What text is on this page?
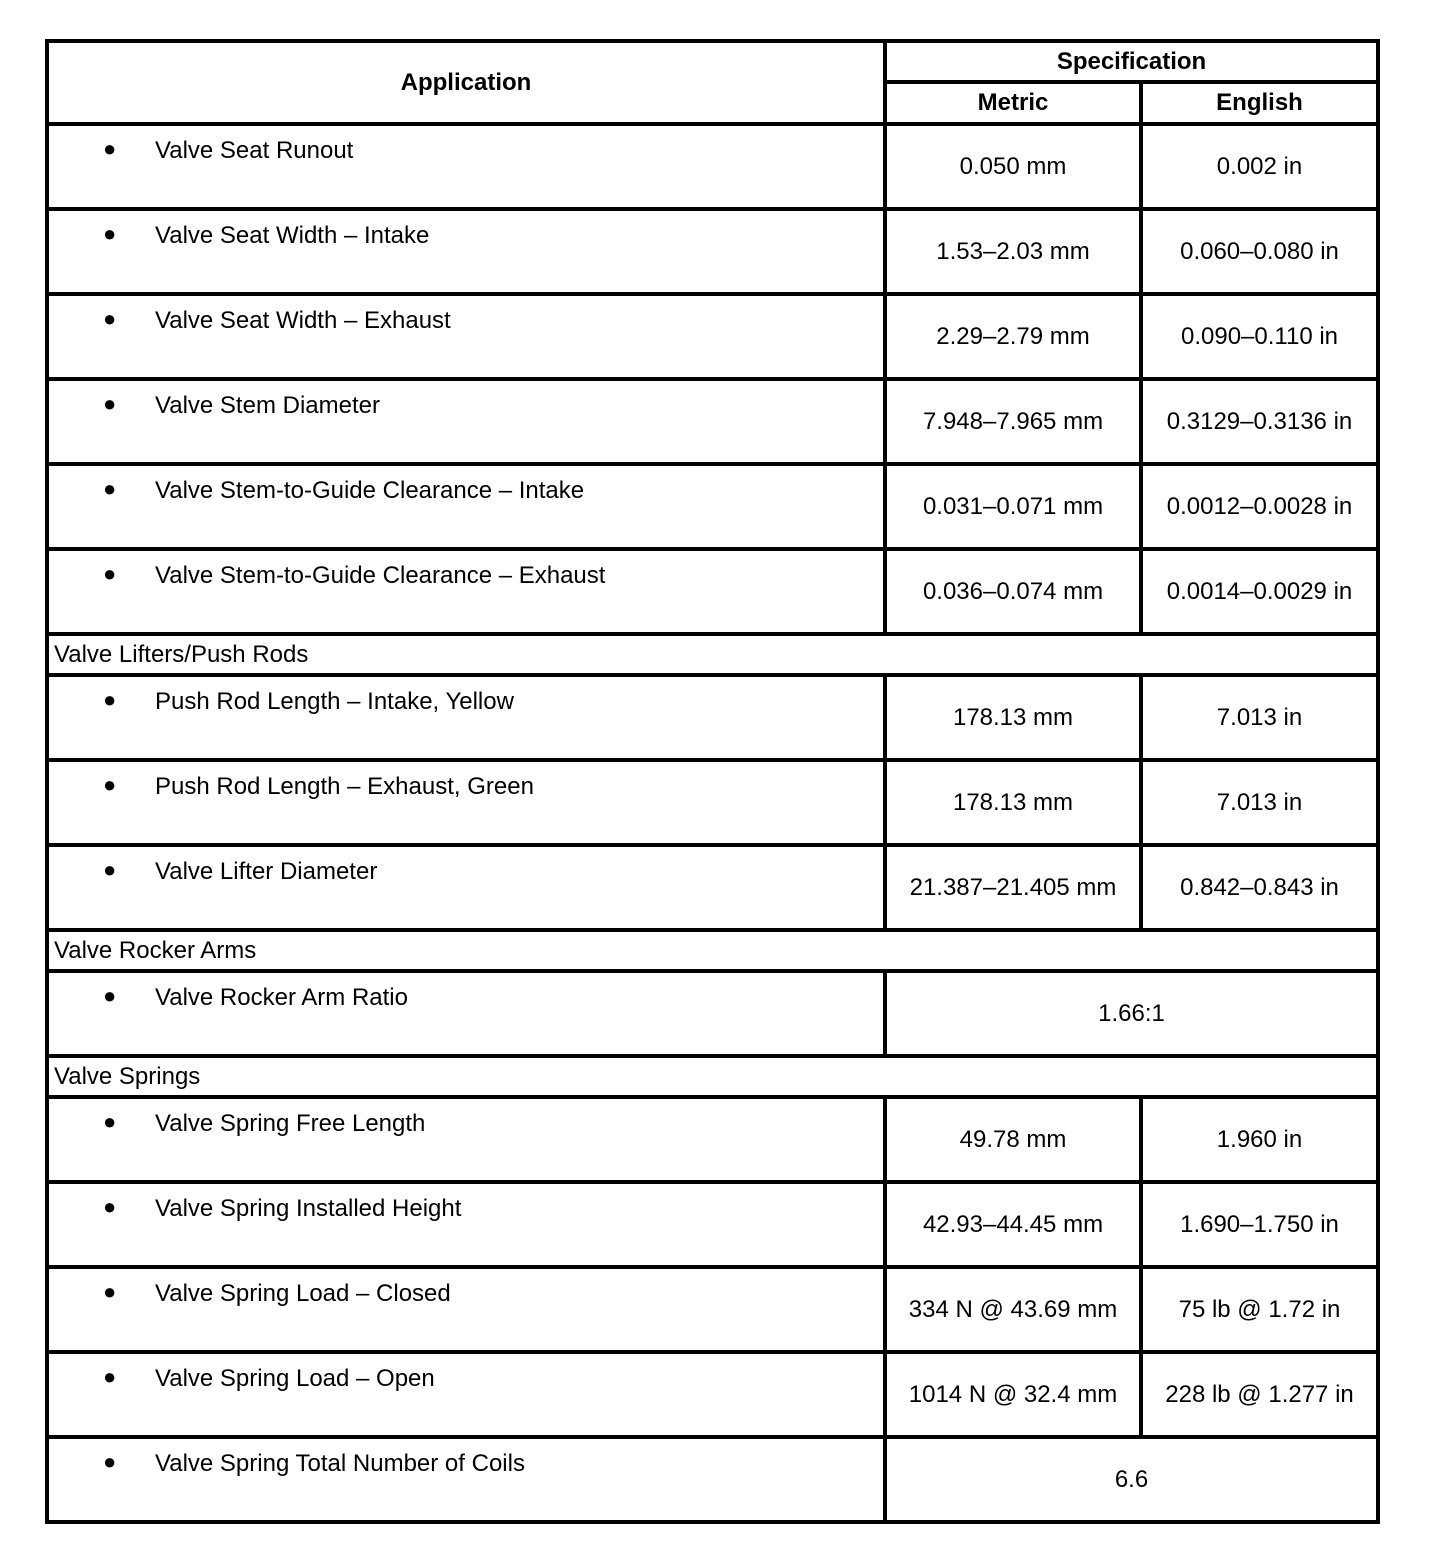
Application	Specification	
	Metric	English

● Valve Seat Runout	0.050 mm	0.002 in

● Valve Seat Width – Intake	1.53–2.03 mm	0.060–0.080 in

● Valve Seat Width – Exhaust	2.29–2.79 mm	0.090–0.110 in

● Valve Stem Diameter	7.948–7.965 mm	0.3129–0.3136 in

● Valve Stem-to-Guide Clearance – Intake	0.031–0.071 mm	0.0012–0.0028 in

● Valve Stem-to-Guide Clearance – Exhaust	0.036–0.074 mm	0.0014–0.0029 in
Valve Lifters/Push Rods		

● Push Rod Length – Intake, Yellow	178.13 mm	7.013 in

● Push Rod Length – Exhaust, Green	178.13 mm	7.013 in

● Valve Lifter Diameter	21.387–21.405 mm	0.842–0.843 in
Valve Rocker Arms		

● Valve Rocker Arm Ratio	1.66:1	
Valve Springs		

● Valve Spring Free Length	49.78 mm	1.960 in

● Valve Spring Installed Height	42.93–44.45 mm	1.690–1.750 in

● Valve Spring Load – Closed	334 N @ 43.69 mm	75 lb @ 1.72 in

● Valve Spring Load – Open	1014 N @ 32.4 mm	228 lb @ 1.277 in

● Valve Spring Total Number of Coils	6.6	
